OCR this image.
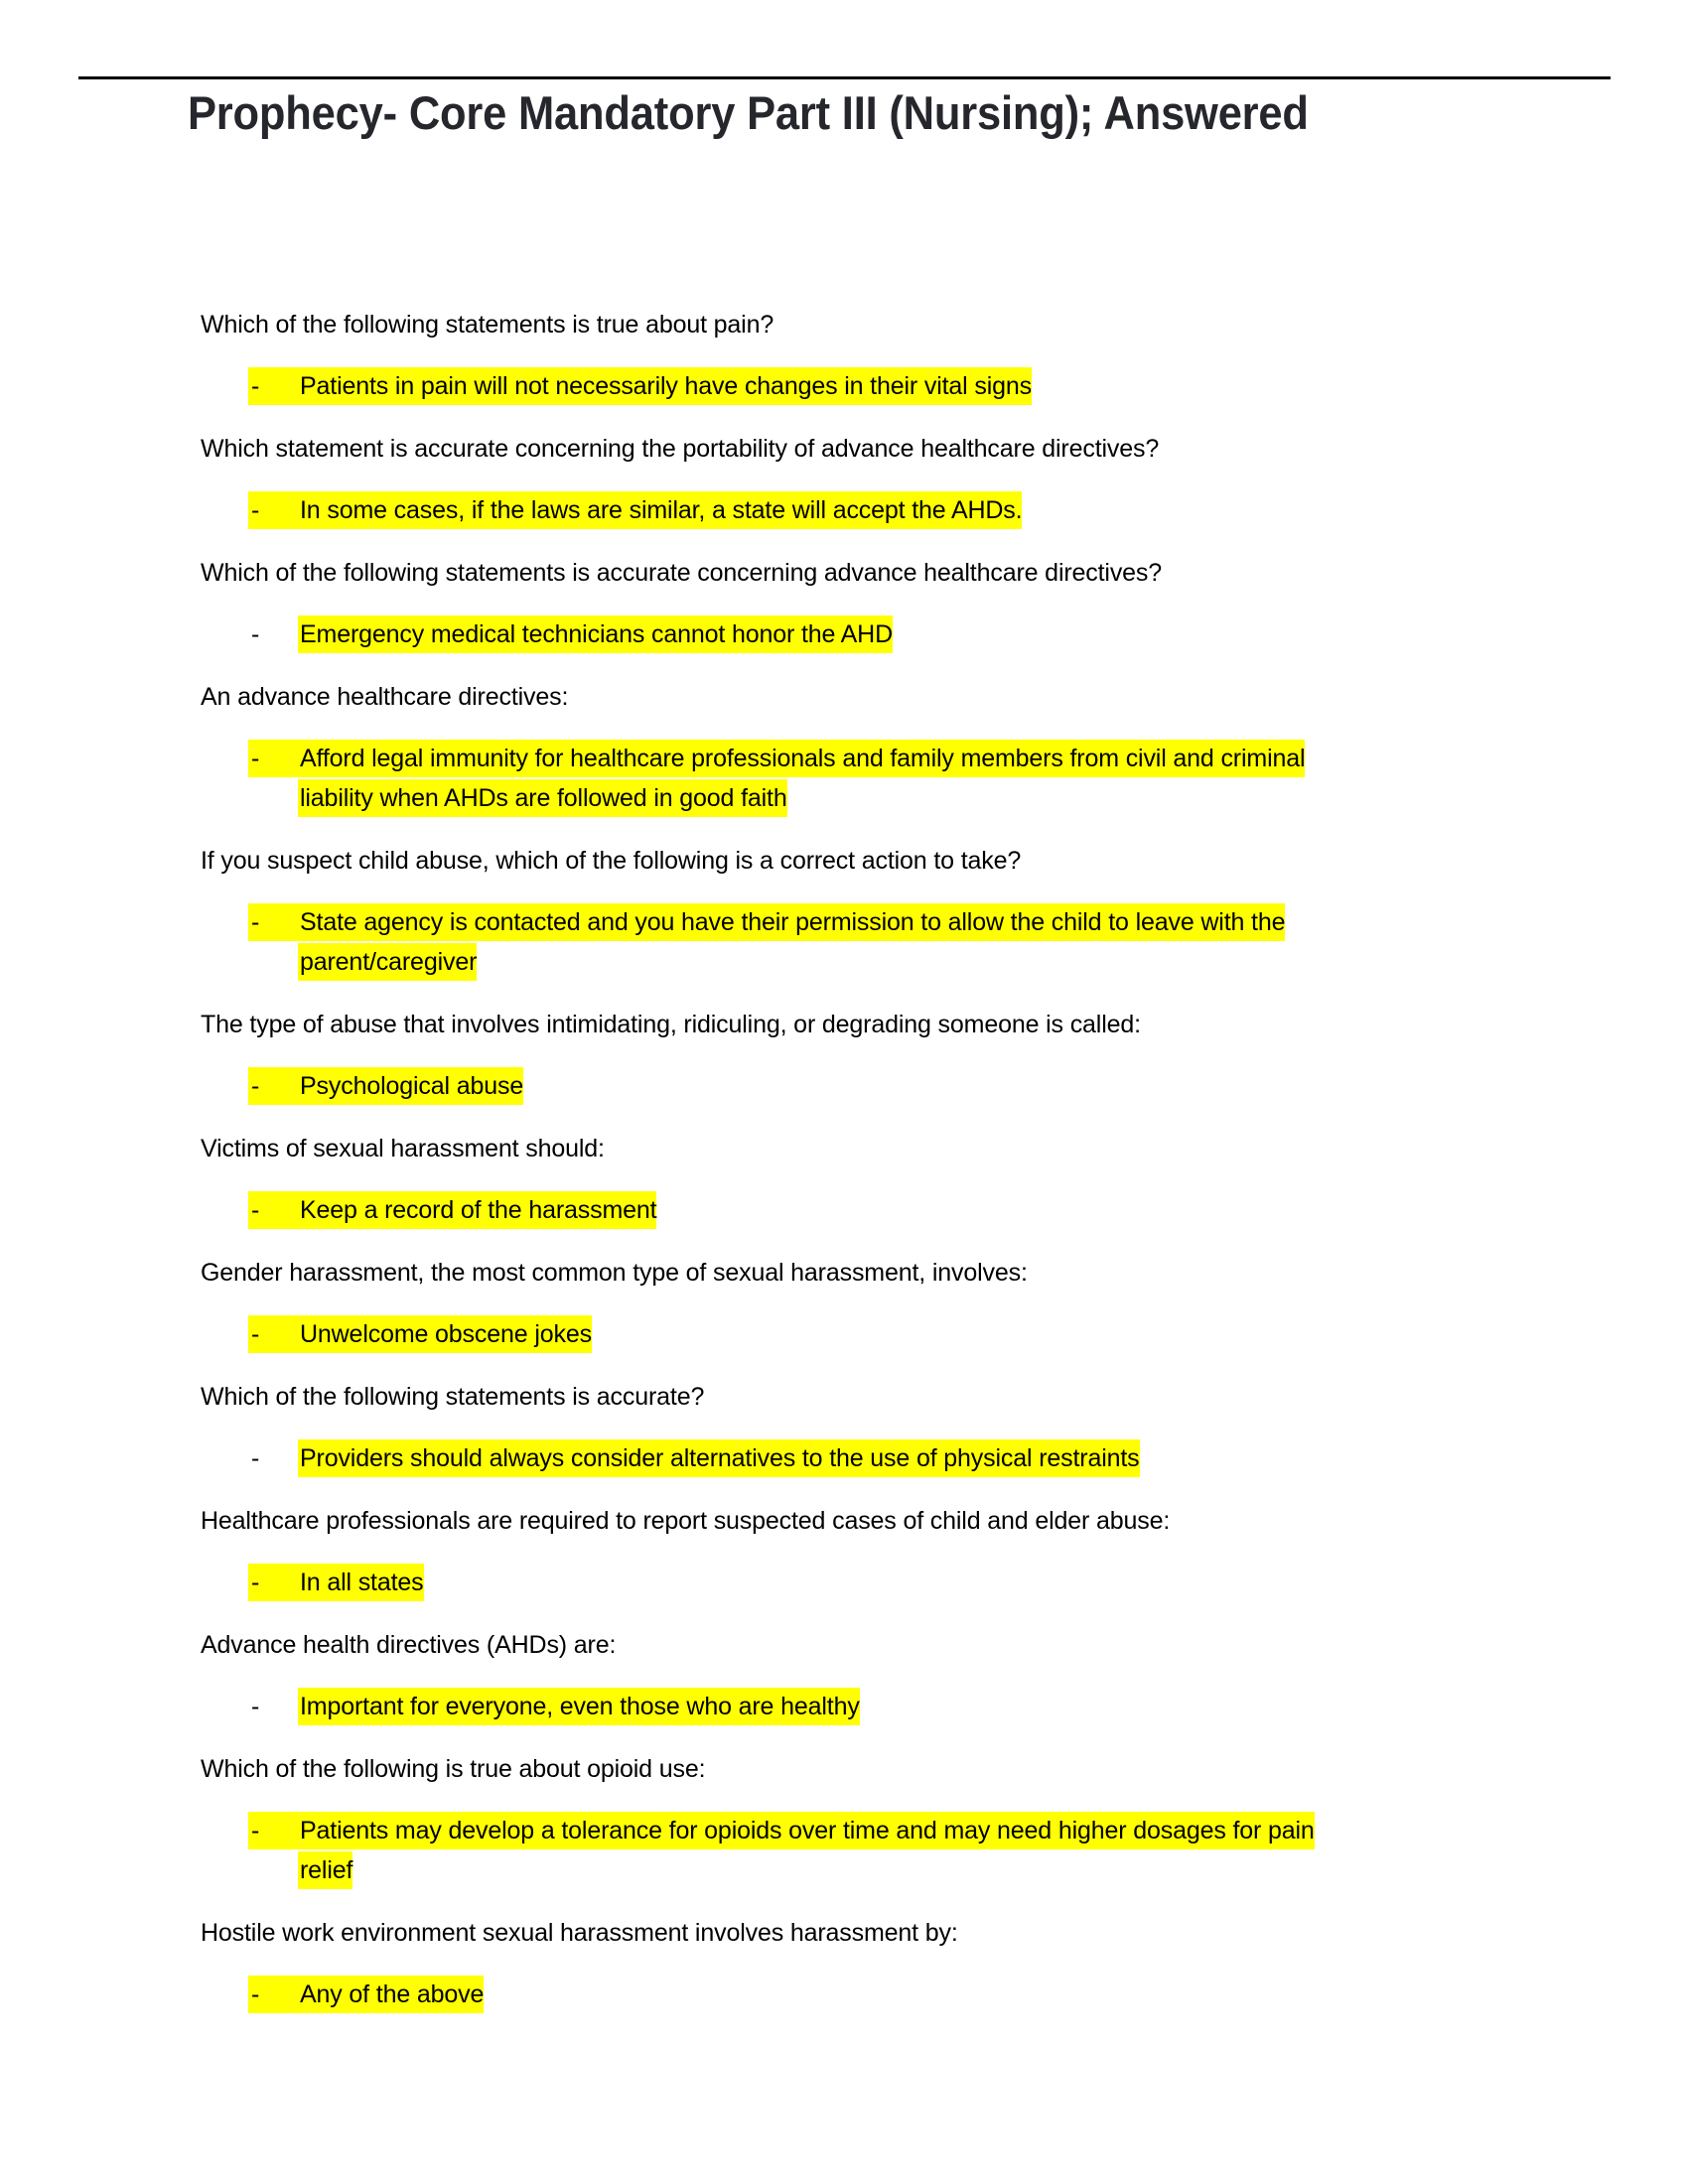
Prophecy- Core Mandatory Part III (Nursing); Answered
Which of the following statements is true about pain?
-	Patients in pain will not necessarily have changes in their vital signs
Which statement is accurate concerning the portability of advance healthcare directives?
-	In some cases, if the laws are similar, a state will accept the AHDs.
Which of the following statements is accurate concerning advance healthcare directives?
-	Emergency medical technicians cannot honor the AHD
An advance healthcare directives:
-	Afford legal immunity for healthcare professionals and family members from civil and criminal
liability when AHDs are followed in good faith
If you suspect child abuse, which of the following is a correct action to take?
-	State agency is contacted and you have their permission to allow the child to leave with the
parent/caregiver
The type of abuse that involves intimidating, ridiculing, or degrading someone is called:
-	Psychological abuse
Victims of sexual harassment should:
-	Keep a record of the harassment
Gender harassment, the most common type of sexual harassment, involves:
-	Unwelcome obscene jokes
Which of the following statements is accurate?
-	Providers should always consider alternatives to the use of physical restraints
Healthcare professionals are required to report suspected cases of child and elder abuse:
-	In all states
Advance health directives (AHDs) are:
-	Important for everyone, even those who are healthy
Which of the following is true about opioid use:
-	Patients may develop a tolerance for opioids over time and may need higher dosages for pain
relief
Hostile work environment sexual harassment involves harassment by:
-	Any of the above
